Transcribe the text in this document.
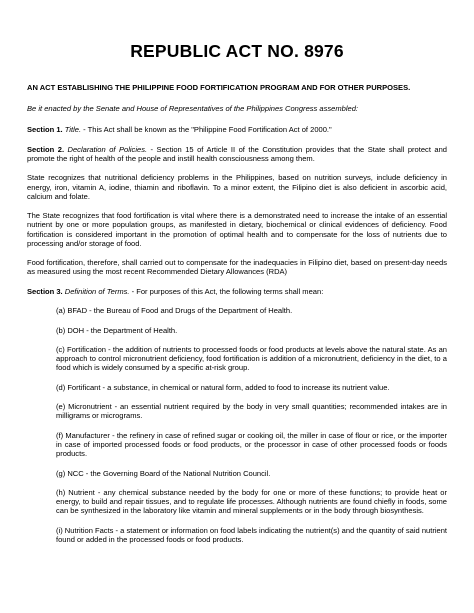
REPUBLIC ACT NO. 8976

AN ACT ESTABLISHING THE PHILIPPINE FOOD FORTIFICATION PROGRAM AND FOR OTHER PURPOSES.

Be it enacted by the Senate and House of Representatives of the Philippines Congress assembled:

Section 1. Title. - This Act shall be known as the "Philippine Food Fortification Act of 2000."

Section 2. Declaration of Policies. - Section 15 of Article II of the Constitution provides that the State shall protect and promote the right of health of the people and instill health consciousness among them.

State recognizes that nutritional deficiency problems in the Philippines, based on nutrition surveys, include deficiency in energy, iron, vitamin A, iodine, thiamin and riboflavin. To a minor extent, the Filipino diet is also deficient in ascorbic acid, calcium and folate.

The State recognizes that food fortification is vital where there is a demonstrated need to increase the intake of an essential nutrient by one or more population groups, as manifested in dietary, biochemical or clinical evidences of deficiency. Food fortification is considered important in the promotion of optimal health and to compensate for the loss of nutrients due to processing and/or storage of food.

Food fortification, therefore, shall carried out to compensate for the inadequacies in Filipino diet, based on present-day needs as measured using the most recent Recommended Dietary Allowances (RDA)

Section 3. Definition of Terms. - For purposes of this Act, the following terms shall mean:

(a) BFAD - the Bureau of Food and Drugs of the Department of Health.

(b) DOH - the Department of Health.

(c) Fortification - the addition of nutrients to processed foods or food products at levels above the natural state. As an approach to control micronutrient deficiency, food fortification is addition of a micronutrient, deficiency in the diet, to a food which is widely consumed by a specific at-risk group.

(d) Fortificant - a substance, in chemical or natural form, added to food to increase its nutrient value.

(e) Micronutrient - an essential nutrient required by the body in very small quantities; recommended intakes are in milligrams or micrograms.

(f) Manufacturer - the refinery in case of refined sugar or cooking oil, the miller in case of flour or rice, or the importer in case of imported processed foods or food products, or the processor in case of other processed foods or foods products.

(g) NCC - the Governing Board of the National Nutrition Council.

(h) Nutrient - any chemical substance needed by the body for one or more of these functions; to provide heat or energy, to build and repair tissues, and to regulate life processes. Although nutrients are found chiefly in foods, some can be synthesized in the laboratory like vitamin and mineral supplements or in the body through biosynthesis.

(i) Nutrition Facts - a statement or information on food labels indicating the nutrient(s) and the quantity of said nutrient found or added in the processed foods or food products.
